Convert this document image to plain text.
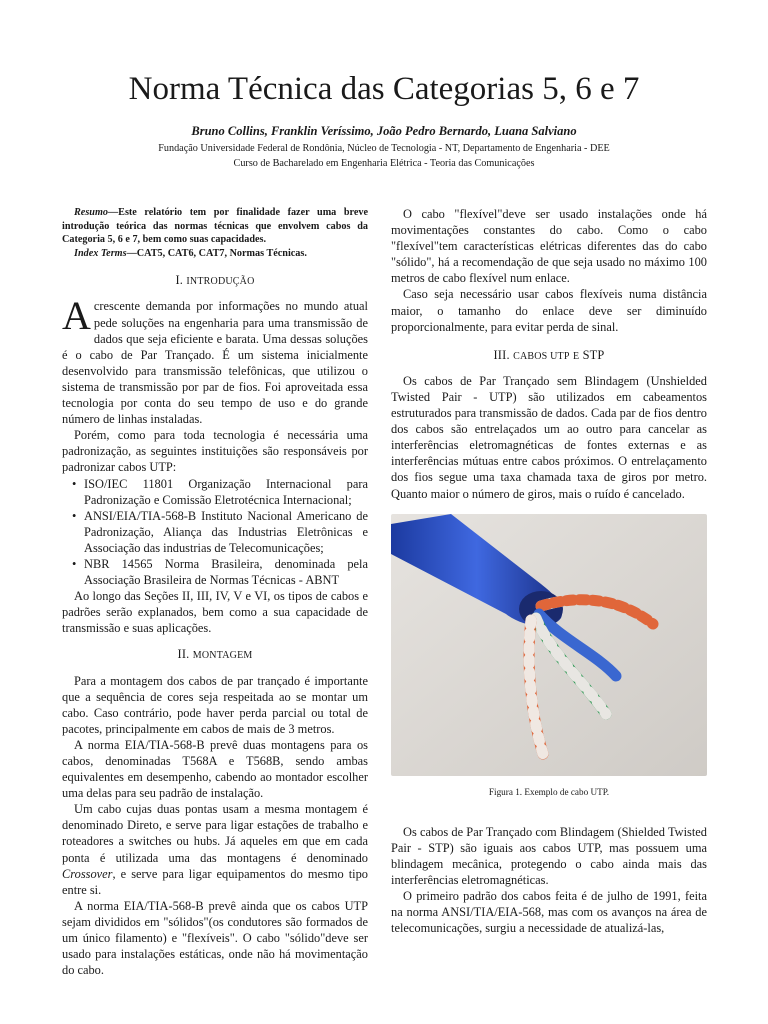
Norma Técnica das Categorias 5, 6 e 7
Bruno Collins, Franklin Veríssimo, João Pedro Bernardo, Luana Salviano
Fundação Universidade Federal de Rondônia, Núcleo de Tecnologia - NT, Departamento de Engenharia - DEE
Curso de Bacharelado em Engenharia Elétrica - Teoria das Comunicações
Resumo—Este relatório tem por finalidade fazer uma breve introdução teórica das normas técnicas que envolvem cabos da Categoria 5, 6 e 7, bem como suas capacidades.
Index Terms—CAT5, CAT6, CAT7, Normas Técnicas.
I. INTRODUÇÃO

Acrescente demanda por informações no mundo atual pede soluções na engenharia para uma transmissão de dados que seja eficiente e barata. Uma dessas soluções é o cabo de Par Trançado. É um sistema inicialmente desenvolvido para transmissão telefônicas, que utilizou o sistema de transmissão por par de fios. Foi aproveitada essa tecnologia por conta do seu tempo de uso e do grande número de linhas instaladas.

Porém, como para toda tecnologia é necessária uma padronização, as seguintes instituições são responsáveis por padronizar cabos UTP:

• ISO/IEC 11801 Organização Internacional para Padronização e Comissão Eletrotécnica Internacional;
• ANSI/EIA/TIA-568-B Instituto Nacional Americano de Padronização, Aliança das Industrias Eletrônicas e Associação das industrias de Telecomunicações;
• NBR 14565 Norma Brasileira, denominada pela Associação Brasileira de Normas Técnicas - ABNT

Ao longo das Seções II, III, IV, V e VI, os tipos de cabos e padrões serão explanados, bem como a sua capacidade de transmissão e suas aplicações.

II. MONTAGEM

Para a montagem dos cabos de par trançado é importante que a sequência de cores seja respeitada ao se montar um cabo. Caso contrário, pode haver perda parcial ou total de pacotes, principalmente em cabos de mais de 3 metros.

A norma EIA/TIA-568-B prevê duas montagens para os cabos, denominadas T568A e T568B, sendo ambas equivalentes em desempenho, cabendo ao montador escolher uma delas para seu padrão de instalação.

Um cabo cujas duas pontas usam a mesma montagem é denominado Direto, e serve para ligar estações de trabalho e roteadores a switches ou hubs. Já aqueles em que em cada ponta é utilizada uma das montagens é denominado Crossover, e serve para ligar equipamentos do mesmo tipo entre si.

A norma EIA/TIA-568-B prevê ainda que os cabos UTP sejam divididos em "sólidos"(os condutores são formados de um único filamento) e "flexíveis". O cabo "sólido"deve ser usado para instalações estáticas, onde não há movimentação do cabo.

O cabo "flexível"deve ser usado instalações onde há movimentações constantes do cabo. Como o cabo "flexível"tem características elétricas diferentes das do cabo "sólido", há a recomendação de que seja usado no máximo 100 metros de cabo flexível num enlace.

Caso seja necessário usar cabos flexíveis numa distância maior, o tamanho do enlace deve ser diminuído proporcionalmente, para evitar perda de sinal.

III. CABOS UTP E STP

Os cabos de Par Trançado sem Blindagem (Unshielded Twisted Pair - UTP) são utilizados em cabeamentos estruturados para transmissão de dados. Cada par de fios dentro dos cabos são entrelaçados um ao outro para cancelar as interferências eletromagnéticas de fontes externas e as interferências mútuas entre cabos próximos. O entrelaçamento dos fios segue uma taxa chamada taxa de giros por metro. Quanto maior o número de giros, mais o ruído é cancelado.

Figura 1. Exemplo de cabo UTP.

Os cabos de Par Trançado com Blindagem (Shielded Twisted Pair - STP) são iguais aos cabos UTP, mas possuem uma blindagem mecânica, protegendo o cabo ainda mais das interferências eletromagnéticas.

O primeiro padrão dos cabos feita é de julho de 1991, feita na norma ANSI/TIA/EIA-568, mas com os avanços na área de telecomunicações, surgiu a necessidade de atualizá-las,
